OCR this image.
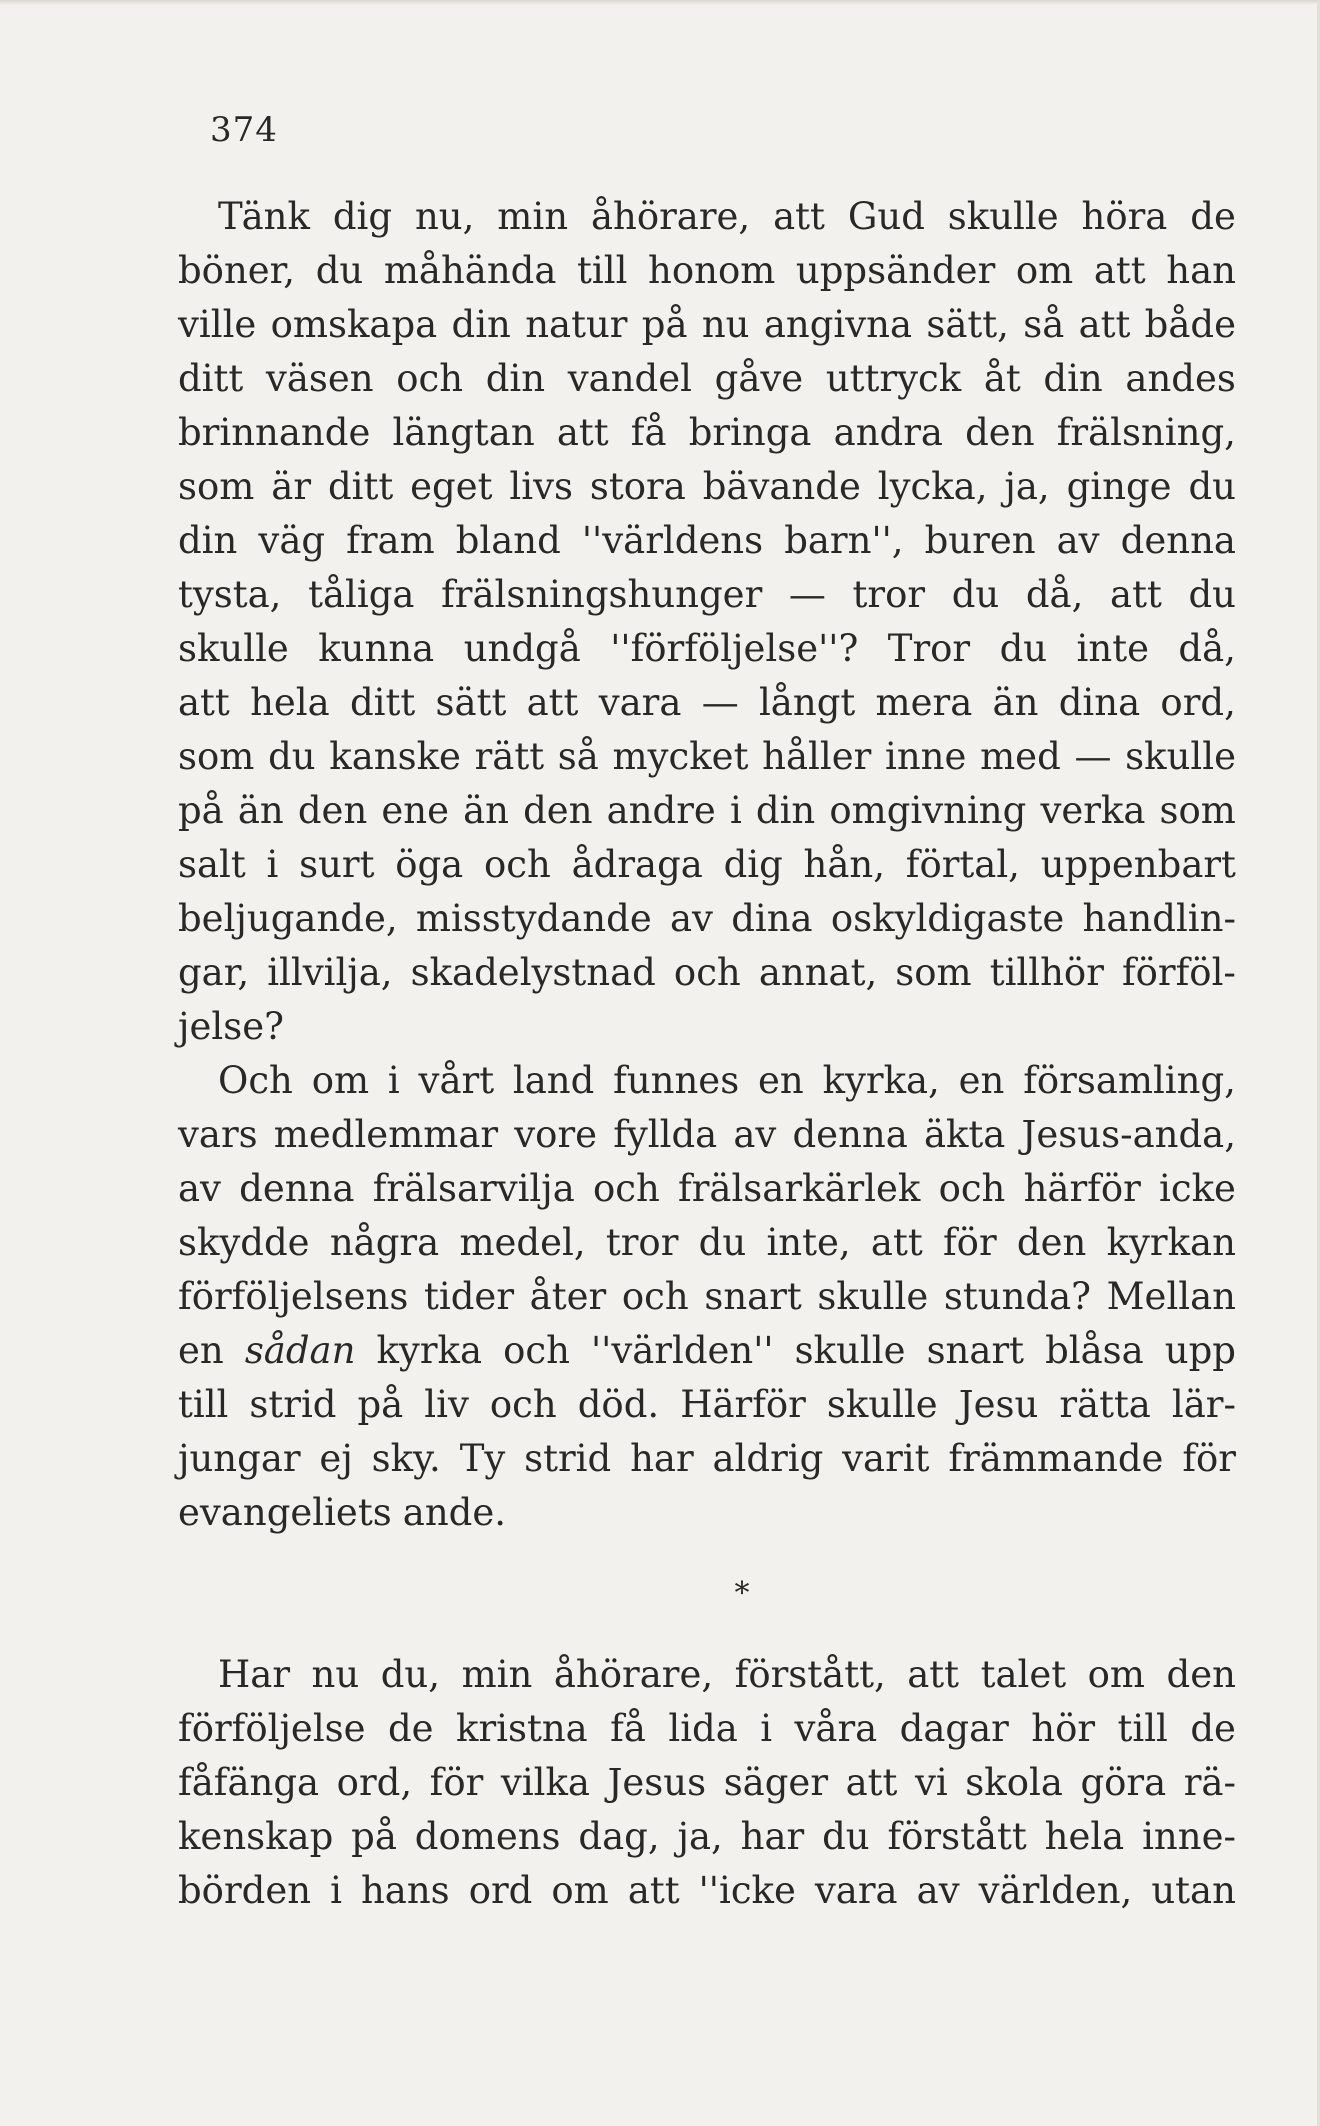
374
Tänk dig nu, min åhörare, att Gud skulle höra de
böner, du måhända till honom uppsänder om att han
ville omskapa din natur på nu angivna sätt, så att både
ditt väsen och din vandel gåve uttryck åt din andes
brinnande längtan att få bringa andra den frälsning,
som är ditt eget livs stora bävande lycka, ja, ginge du
din väg fram bland ''världens barn'', buren av denna
tysta, tåliga frälsningshunger — tror du då, att du
skulle kunna undgå ''förföljelse''? Tror du inte då,
att hela ditt sätt att vara — långt mera än dina ord,
som du kanske rätt så mycket håller inne med — skulle
på än den ene än den andre i din omgivning verka som
salt i surt öga och ådraga dig hån, förtal, uppenbart
beljugande, misstydande av dina oskyldigaste handlin-
gar, illvilja, skadelystnad och annat, som tillhör förföl-
jelse?
Och om i vårt land funnes en kyrka, en församling,
vars medlemmar vore fyllda av denna äkta Jesus-anda,
av denna frälsarvilja och frälsarkärlek och härför icke
skydde några medel, tror du inte, att för den kyrkan
förföljelsens tider åter och snart skulle stunda? Mellan
en sådan kyrka och ''världen'' skulle snart blåsa upp
till strid på liv och död. Härför skulle Jesu rätta lär-
jungar ej sky. Ty strid har aldrig varit främmande för
evangeliets ande.
*
Har nu du, min åhörare, förstått, att talet om den
förföljelse de kristna få lida i våra dagar hör till de
fåfänga ord, för vilka Jesus säger att vi skola göra rä-
kenskap på domens dag, ja, har du förstått hela inne-
börden i hans ord om att ''icke vara av världen, utan
